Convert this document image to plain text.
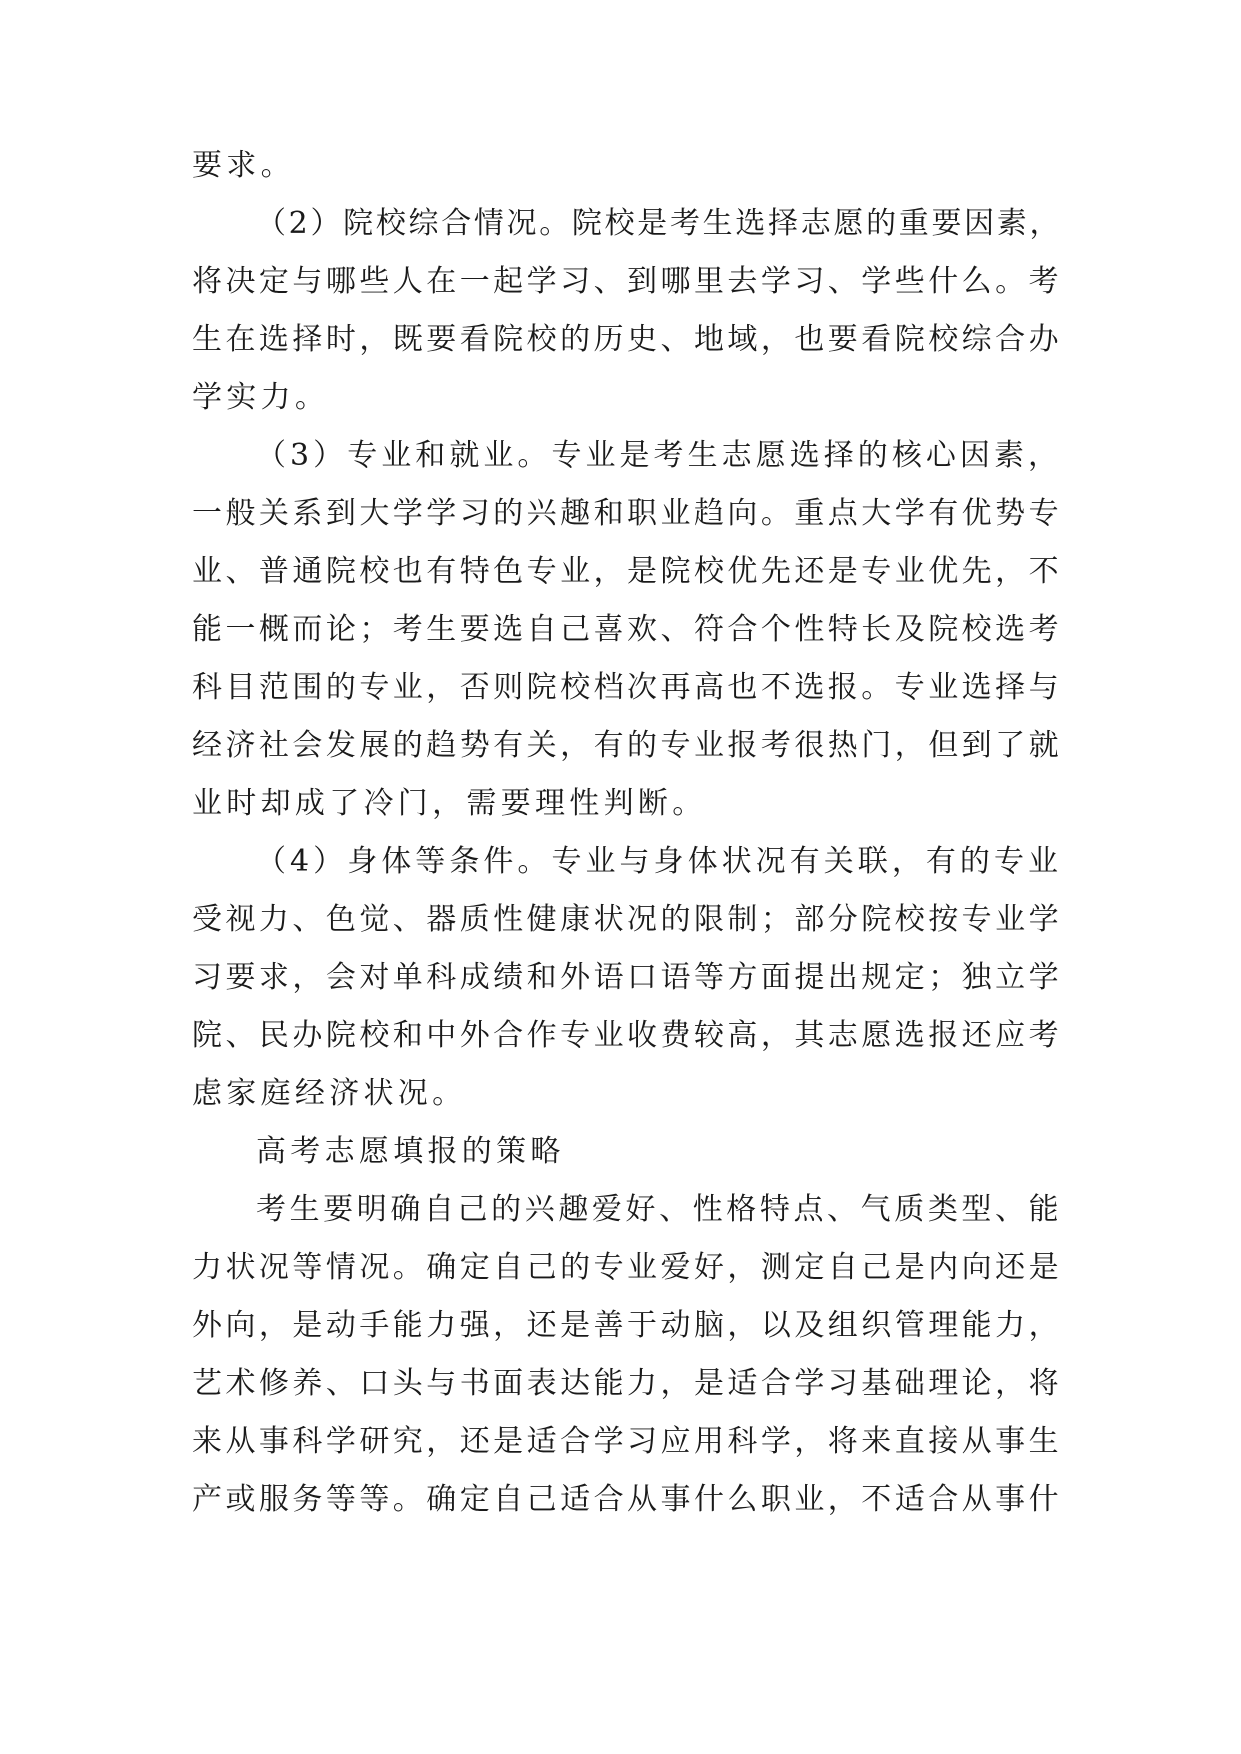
要求。
（2）院校综合情况。院校是考生选择志愿的重要因素，
将决定与哪些人在一起学习、到哪里去学习、学些什么。考
生在选择时，既要看院校的历史、地域，也要看院校综合办
学实力。
（3）专业和就业。专业是考生志愿选择的核心因素，
一般关系到大学学习的兴趣和职业趋向。重点大学有优势专
业、普通院校也有特色专业，是院校优先还是专业优先，不
能一概而论；考生要选自己喜欢、符合个性特长及院校选考
科目范围的专业，否则院校档次再高也不选报。专业选择与
经济社会发展的趋势有关，有的专业报考很热门，但到了就
业时却成了冷门，需要理性判断。
（4）身体等条件。专业与身体状况有关联，有的专业
受视力、色觉、器质性健康状况的限制；部分院校按专业学
习要求，会对单科成绩和外语口语等方面提出规定；独立学
院、民办院校和中外合作专业收费较高，其志愿选报还应考
虑家庭经济状况。
高考志愿填报的策略
考生要明确自己的兴趣爱好、性格特点、气质类型、能
力状况等情况。确定自己的专业爱好，测定自己是内向还是
外向，是动手能力强，还是善于动脑，以及组织管理能力，
艺术修养、口头与书面表达能力，是适合学习基础理论，将
来从事科学研究，还是适合学习应用科学，将来直接从事生
产或服务等等。确定自己适合从事什么职业，不适合从事什
